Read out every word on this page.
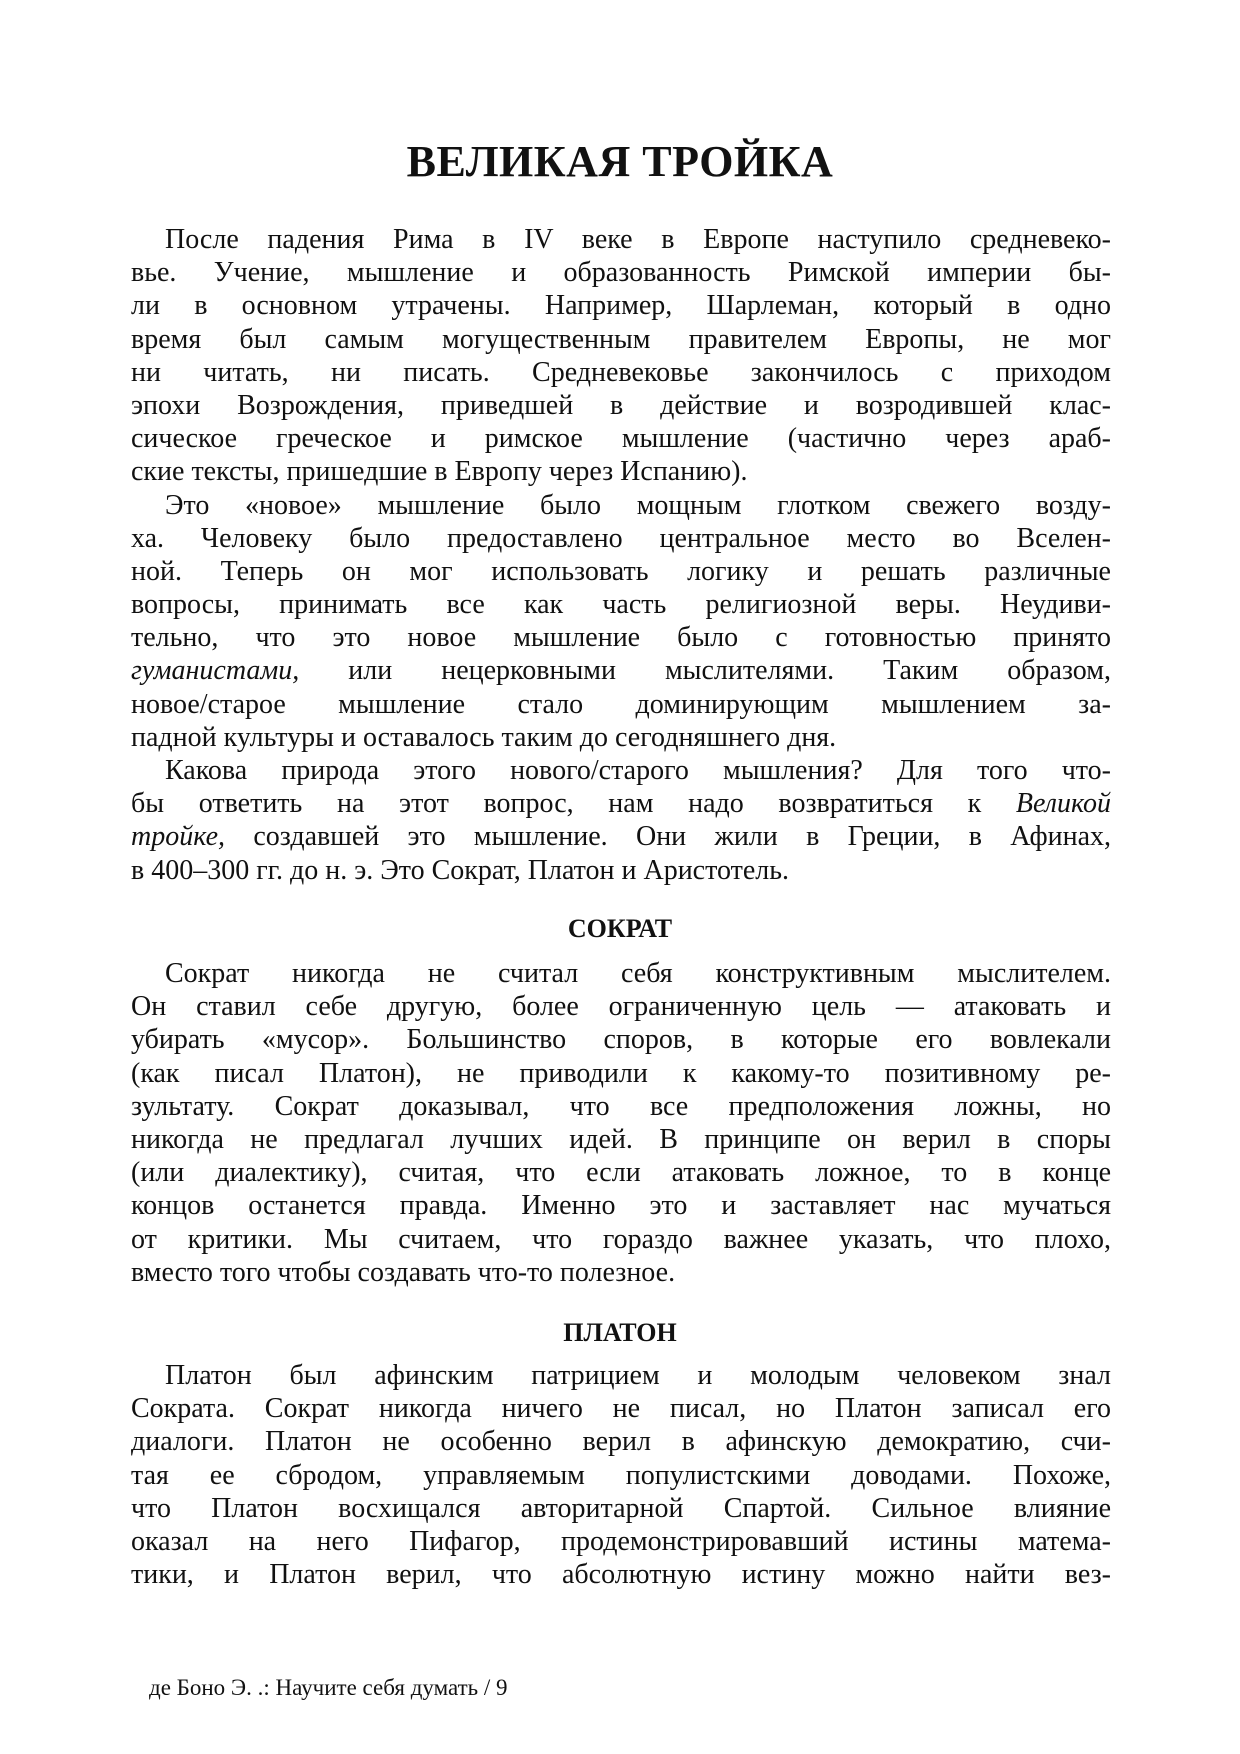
ВЕЛИКАЯ ТРОЙКА
После падения Рима в IV веке в Европе наступило средневеко-
вье. Учение, мышление и образованность Римской империи бы-
ли в основном утрачены. Например, Шарлеман, который в одно
время был самым могущественным правителем Европы, не мог
ни читать, ни писать. Средневековье закончилось с приходом
эпохи Возрождения, приведшей в действие и возродившей клас-
сическое греческое и римское мышление (частично через араб-
ские тексты, пришедшие в Европу через Испанию).
Это «новое» мышление было мощным глотком свежего возду-
ха. Человеку было предоставлено центральное место во Вселен-
ной. Теперь он мог использовать логику и решать различные
вопросы, принимать все как часть религиозной веры. Неудиви-
тельно, что это новое мышление было с готовностью принято
гуманистами, или нецерковными мыслителями. Таким образом,
новое/старое мышление стало доминирующим мышлением за-
падной культуры и оставалось таким до сегодняшнего дня.
Какова природа этого нового/старого мышления? Для того что-
бы ответить на этот вопрос, нам надо возвратиться к Великой
тройке, создавшей это мышление. Они жили в Греции, в Афинах,
в 400–300 гг. до н. э. Это Сократ, Платон и Аристотель.
СОКРАТ
Сократ никогда не считал себя конструктивным мыслителем.
Он ставил себе другую, более ограниченную цель — атаковать и
убирать «мусор». Большинство споров, в которые его вовлекали
(как писал Платон), не приводили к какому-то позитивному ре-
зультату. Сократ доказывал, что все предположения ложны, но
никогда не предлагал лучших идей. В принципе он верил в споры
(или диалектику), считая, что если атаковать ложное, то в конце
концов останется правда. Именно это и заставляет нас мучаться
от критики. Мы считаем, что гораздо важнее указать, что плохо,
вместо того чтобы создавать что-то полезное.
ПЛАТОН
Платон был афинским патрицием и молодым человеком знал
Сократа. Сократ никогда ничего не писал, но Платон записал его
диалоги. Платон не особенно верил в афинскую демократию, счи-
тая ее сбродом, управляемым популистскими доводами. Похоже,
что Платон восхищался авторитарной Спартой. Сильное влияние
оказал на него Пифагор, продемонстрировавший истины матема-
тики, и Платон верил, что абсолютную истину можно найти вез-
де Боно Э. .: Научите себя думать / 9
